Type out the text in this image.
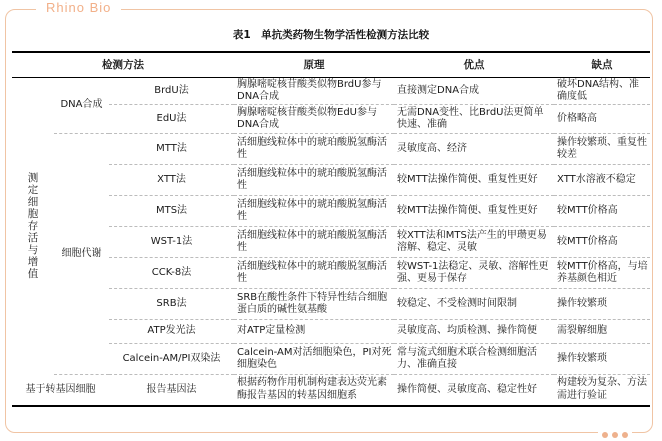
Rhino Bio
表1　单抗类药物生物学活性检测方法比较
检测方法			原理	优点	缺点
测定细胞存活与增值	DNA合成	BrdU法	胸腺嘧啶核苷酸类似物BrdU参与DNA合成	直接测定DNA合成	破坏DNA结构、准确度低
		EdU法	胸腺嘧啶核苷酸类似物EdU参与DNA合成	无需DNA变性、比BrdU法更简单快速、准确	价格略高
	细胞代谢	MTT法	活细胞线粒体中的琥珀酸脱氢酶活性	灵敏度高、经济	操作较繁琐、重复性较差
		XTT法	活细胞线粒体中的琥珀酸脱氢酶活性	较MTT法操作简便、重复性更好	XTT水溶液不稳定
		MTS法	活细胞线粒体中的琥珀酸脱氢酶活性	较MTT法操作简便、重复性更好	较MTT价格高
		WST-1法	活细胞线粒体中的琥珀酸脱氢酶活性	较XTT法和MTS法产生的甲瓒更易溶解、稳定、灵敏	较MTT价格高
		CCK-8法	活细胞线粒体中的琥珀酸脱氢酶活性	较WST-1法稳定、灵敏、溶解性更强、更易于保存	较MTT价格高，与培养基颜色相近
		SRB法	SRB在酸性条件下特异性结合细胞蛋白质的碱性氨基酸	较稳定、不受检测时间限制	操作较繁琐
		ATP发光法	对ATP定量检测	灵敏度高、均质检测、操作简便	需裂解细胞
		Calcein-AM/PI双染法	Calcein-AM对活细胞染色，PI对死细胞染色	常与流式细胞术联合检测细胞活力、准确直接	操作较繁琐
基于转基因细胞		报告基因法	根据药物作用机制构建表达荧光素酶报告基因的转基因细胞系	操作简便、灵敏度高、稳定性好	构建较为复杂、方法需进行验证
